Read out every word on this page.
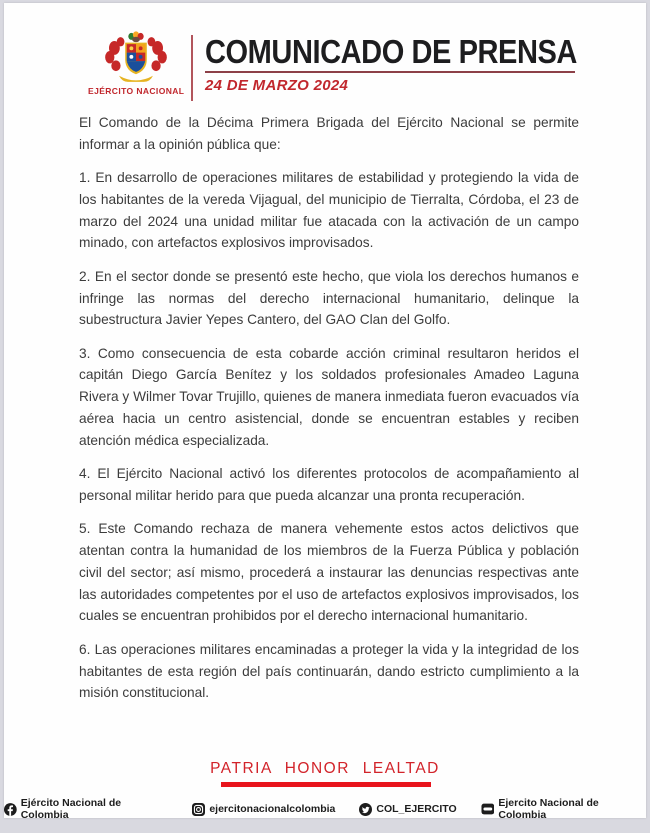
EJÉRCITO NACIONAL
COMUNICADO DE PRENSA
24 DE MARZO 2024

El Comando de la Décima Primera Brigada del Ejército Nacional se permite informar a la opinión pública que:

1. En desarrollo de operaciones militares de estabilidad y protegiendo la vida de los habitantes de la vereda Vijagual, del municipio de Tierralta, Córdoba, el 23 de marzo del 2024 una unidad militar fue atacada con la activación de un campo minado, con artefactos explosivos improvisados.

2. En el sector donde se presentó este hecho, que viola los derechos humanos e infringe las normas del derecho internacional humanitario, delinque la subestructura Javier Yepes Cantero, del GAO Clan del Golfo.

3. Como consecuencia de esta cobarde acción criminal resultaron heridos el capitán Diego García Benítez y los soldados profesionales Amadeo Laguna Rivera y Wilmer Tovar Trujillo, quienes de manera inmediata fueron evacuados vía aérea hacia un centro asistencial, donde se encuentran estables y reciben atención médica especializada.

4. El Ejército Nacional activó los diferentes protocolos de acompañamiento al personal militar herido para que pueda alcanzar una pronta recuperación.

5. Este Comando rechaza de manera vehemente estos actos delictivos que atentan contra la humanidad de los miembros de la Fuerza Pública y población civil del sector; así mismo, procederá a instaurar las denuncias respectivas ante las autoridades competentes por el uso de artefactos explosivos improvisados, los cuales se encuentran prohibidos por el derecho internacional humanitario.

6. Las operaciones militares encaminadas a proteger la vida y la integridad de los habitantes de esta región del país continuarán, dando estricto cumplimiento a la misión constitucional.

PATRIA HONOR LEALTAD
Ejército Nacional de Colombia	ejercitonacionalcolombia	COL_EJERCITO	Ejercito Nacional de Colombia
